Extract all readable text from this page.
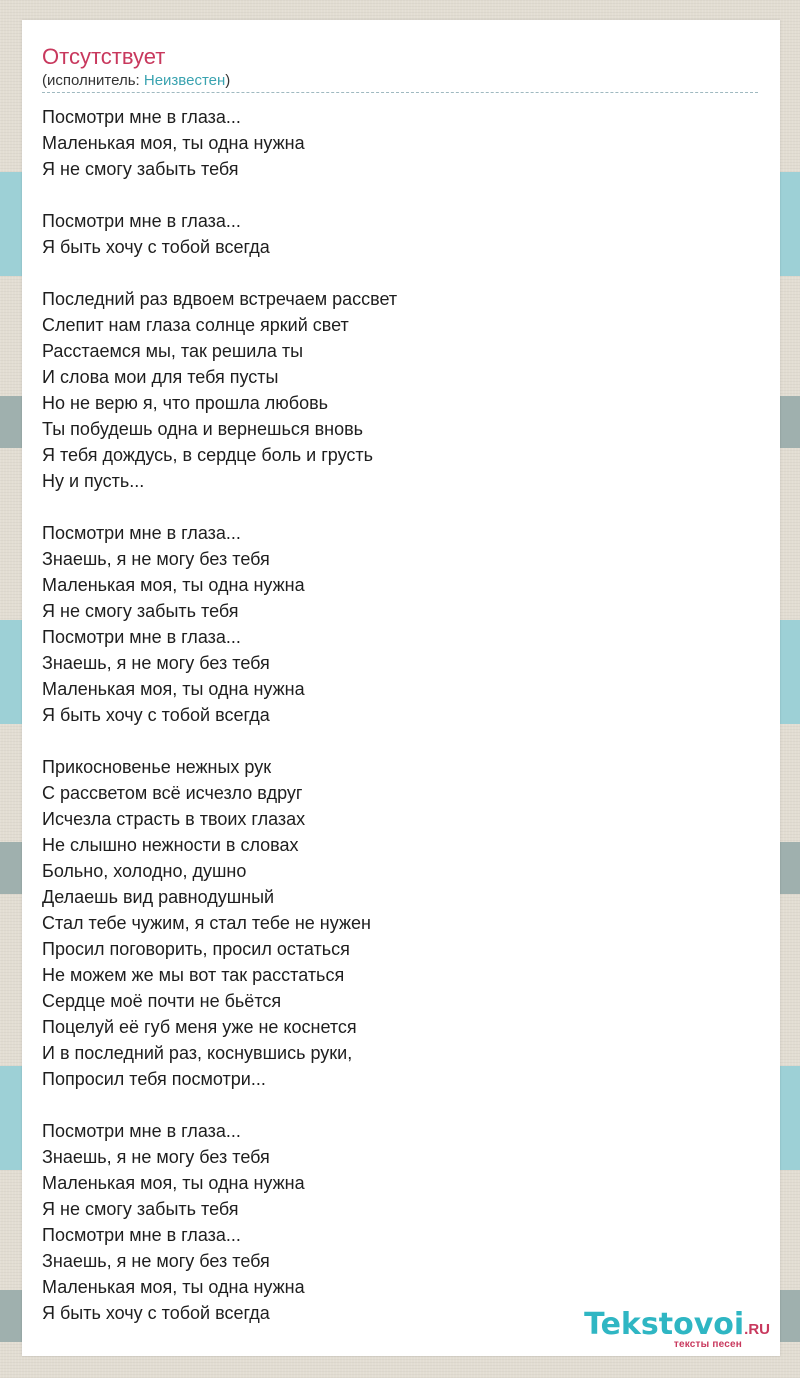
Отсутствует
(исполнитель: Неизвестен)
Посмотри мне в глаза...
Маленькая моя, ты одна нужна
Я не смогу забыть тебя
Посмотри мне в глаза...
Я быть хочу с тобой всегда
Последний раз вдвоем встречаем рассвет
Слепит нам глаза солнце яркий свет
Расстаемся мы, так решила ты
И слова мои для тебя пусты
Но не верю я, что прошла любовь
Ты побудешь одна и вернешься вновь
Я тебя дождусь, в сердце боль и грусть
Ну и пусть...
Посмотри мне в глаза...
Знаешь, я не могу без тебя
Маленькая моя, ты одна нужна
Я не смогу забыть тебя
Посмотри мне в глаза...
Знаешь, я не могу без тебя
Маленькая моя, ты одна нужна
Я быть хочу с тобой всегда
Прикосновенье нежных рук
С рассветом всё исчезло вдруг
Исчезла страсть в твоих глазах
Не слышно нежности в словах
Больно, холодно, душно
Делаешь вид равнодушный
Стал тебе чужим, я стал тебе не нужен
Просил поговорить, просил остаться
Не можем же мы вот так расстаться
Сердце моё почти не бьётся
Поцелуй её губ меня уже не коснется
И в последний раз, коснувшись руки,
Попросил тебя посмотри...
Посмотри мне в глаза...
Знаешь, я не могу без тебя
Маленькая моя, ты одна нужна
Я не смогу забыть тебя
Посмотри мне в глаза...
Знаешь, я не могу без тебя
Маленькая моя, ты одна нужна
Я быть хочу с тобой всегда	Tekstovoi.RU
тексты песен
